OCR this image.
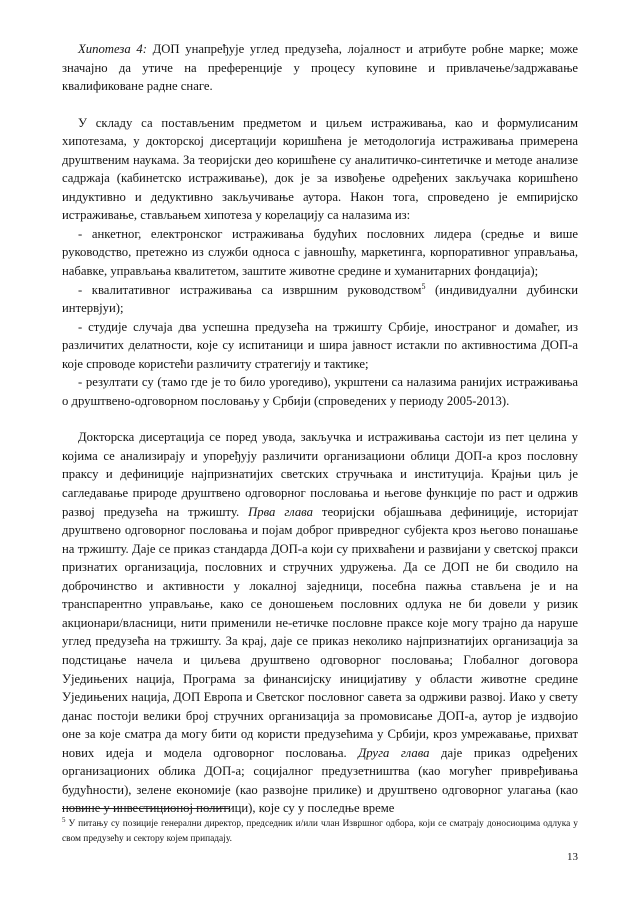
Хипотеза 4: ДОП унапређује углед предузећа, лојалност и атрибуте робне марке; може значајно да утиче на преференције у процесу куповине и привлачење/задржавање квалификоване радне снаге.

У складу са постављеним предметом и циљем истраживања, као и формулисаним хипотезама, у докторској дисертацији коришћена је методологија истраживања примерена друштвеним наукама. За теоријски део коришћене су аналитичко-синтетичке и методе анализе садржаја (кабинетско истраживање), док је за извођење одређених закључака коришћено индуктивно и дедуктивно закључивање аутора. Након тога, спроведено је емпиријско истраживање, стављањем хипотеза у корелацију са налазима из:

- анкетног, електронског истраживања будућих пословних лидера (средње и више руководство, претежно из служби односа с јавношћу, маркетинга, корпоративног управљања, набавке, управљања квалитетом, заштите животне средине и хуманитарних фондација);

- квалитативног истраживања са извршним руководством$^5$ (индивидуални дубински интервјуи);

- студије случаја два успешна предузећа на тржишту Србије, иностраног и домаћег, из различитих делатности, које су испитаници и шира јавност истакли по активностима ДОП-а које спроводе користећи различиту стратегију и тактике;

- резултати су (тамо где је то било уporедиво), укрштени са налазима ранијих истраживања о друштвено-одговорном пословању у Србији (спроведених у периоду 2005-2013).

Докторска дисертација се поред увода, закључка и истраживања састоји из пет целина у којима се анализирају и упоређују различити организациони облици ДОП-а кроз пословну праксу и дефиниције најпризнатијих светских стручњака и институција. Крајњи циљ је сагледавање природе друштвено одговорног пословања и његове функције по раст и одржив развој предузећа на тржишту. Прва глава теоријски објашњава дефиниције, историјат друштвено одговорног пословања и појам доброг привредног субјекта кроз његово понашање на тржишту. Даје се приказ стандарда ДОП-а који су прихваћени и развијани у светској пракси признатих организација, пословних и стручних удружења. Да се ДОП не би сводило на доброчинство и активности у локалној заједници, посебна пажња стављена је и на транспарентно управљање, како се доношењем пословних одлука не би довели у ризик акционари/власници, нити применили не-етичке пословне праксе које могу трајно да наруше углед предузећа на тржишту. За крај, даје се приказ неколико најпризнатијих организација за подстицање начела и циљева друштвено одговорног пословања; Глобалног договора Уједињених нација, Програма за финансијску иницијативу у области животне средине Уједињених нација, ДОП Европа и Светског пословног савета за одрживи развој. Иако у свету данас постоји велики број стручних организација за промовисање ДОП-а, аутор је издвојио оне за које сматра да могу бити од користи предузећима у Србији, кроз умрежавање, прихват нових идеја и модела одговорног пословања. Друга глава даје приказ одређених организационих облика ДОП-а; социјалног предузетништва (као могућег привређивања будућности), зелене економије (као развојне прилике) и друштвено одговорног улагања (као новине у инвестиционој политици), које су у последње време

$^5$ У питању су позиције генерални директор, председник и/или члан Извршног одбора, који се сматрају доносиоцима одлука у свом предузећу и сектору којем припадају.
13
